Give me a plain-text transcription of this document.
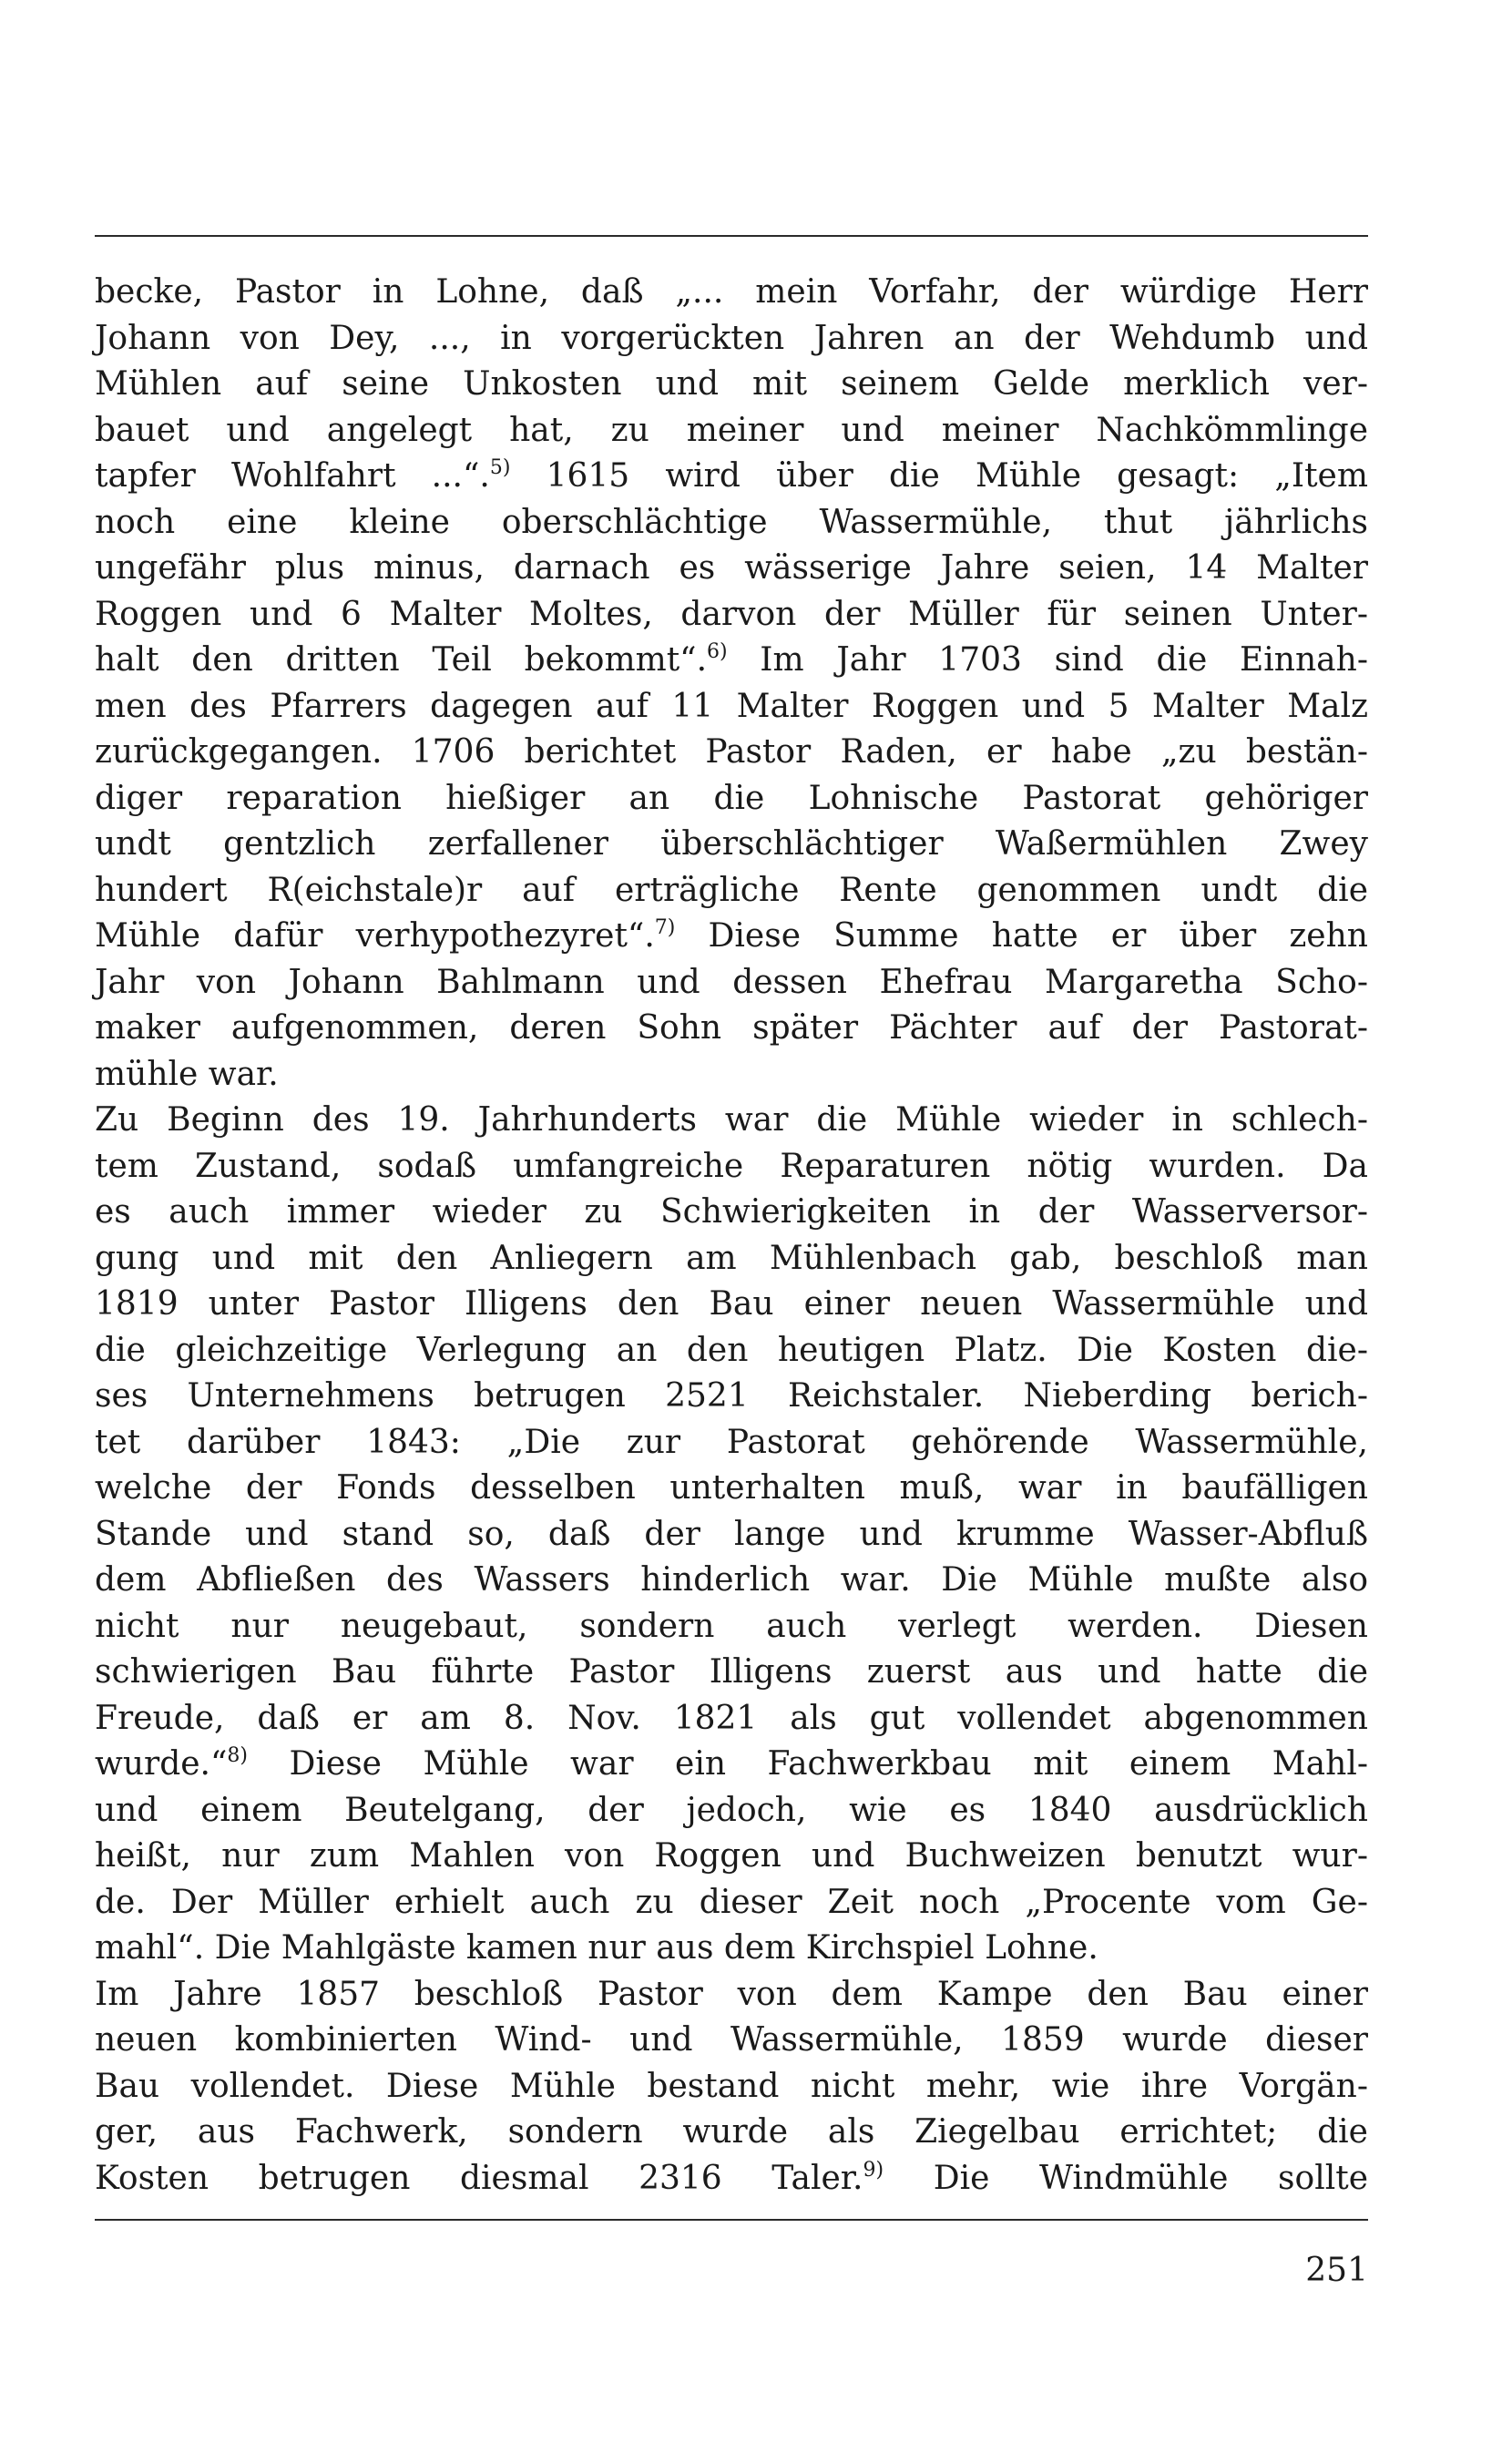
becke, Pastor in Lohne, daß „... mein Vorfahr, der würdige Herr
Johann von Dey, ..., in vorgerückten Jahren an der Wehdumb und
Mühlen auf seine Unkosten und mit seinem Gelde merklich ver-
bauet und angelegt hat, zu meiner und meiner Nachkömmlinge
tapfer Wohlfahrt ...“.$^{5)}$ 1615 wird über die Mühle gesagt: „Item
noch eine kleine oberschlächtige Wassermühle, thut jährlichs
ungefähr plus minus, darnach es wässerige Jahre seien, 14 Malter
Roggen und 6 Malter Moltes, darvon der Müller für seinen Unter-
halt den dritten Teil bekommt“.$^{6)}$ Im Jahr 1703 sind die Einnah-
men des Pfarrers dagegen auf 11 Malter Roggen und 5 Malter Malz
zurückgegangen. 1706 berichtet Pastor Raden, er habe „zu bestän-
diger reparation hießiger an die Lohnische Pastorat gehöriger
undt gentzlich zerfallener überschlächtiger Waßermühlen Zwey
hundert R(eichstale)r auf erträgliche Rente genommen undt die
Mühle dafür verhypothezyret“.$^{7)}$ Diese Summe hatte er über zehn
Jahr von Johann Bahlmann und dessen Ehefrau Margaretha Scho-
maker aufgenommen, deren Sohn später Pächter auf der Pastorat-
mühle war.
Zu Beginn des 19. Jahrhunderts war die Mühle wieder in schlech-
tem Zustand, sodaß umfangreiche Reparaturen nötig wurden. Da
es auch immer wieder zu Schwierigkeiten in der Wasserversor-
gung und mit den Anliegern am Mühlenbach gab, beschloß man
1819 unter Pastor Illigens den Bau einer neuen Wassermühle und
die gleichzeitige Verlegung an den heutigen Platz. Die Kosten die-
ses Unternehmens betrugen 2521 Reichstaler. Nieberding berich-
tet darüber 1843: „Die zur Pastorat gehörende Wassermühle,
welche der Fonds desselben unterhalten muß, war in baufälligen
Stande und stand so, daß der lange und krumme Wasser-Abfluß
dem Abfließen des Wassers hinderlich war. Die Mühle mußte also
nicht nur neugebaut, sondern auch verlegt werden. Diesen
schwierigen Bau führte Pastor Illigens zuerst aus und hatte die
Freude, daß er am 8. Nov. 1821 als gut vollendet abgenommen
wurde.“$^{8)}$ Diese Mühle war ein Fachwerkbau mit einem Mahl-
und einem Beutelgang, der jedoch, wie es 1840 ausdrücklich
heißt, nur zum Mahlen von Roggen und Buchweizen benutzt wur-
de. Der Müller erhielt auch zu dieser Zeit noch „Procente vom Ge-
mahl“. Die Mahlgäste kamen nur aus dem Kirchspiel Lohne.
Im Jahre 1857 beschloß Pastor von dem Kampe den Bau einer
neuen kombinierten Wind- und Wassermühle, 1859 wurde dieser
Bau vollendet. Diese Mühle bestand nicht mehr, wie ihre Vorgän-
ger, aus Fachwerk, sondern wurde als Ziegelbau errichtet; die
Kosten betrugen diesmal 2316 Taler.$^{9)}$ Die Windmühle sollte
251
